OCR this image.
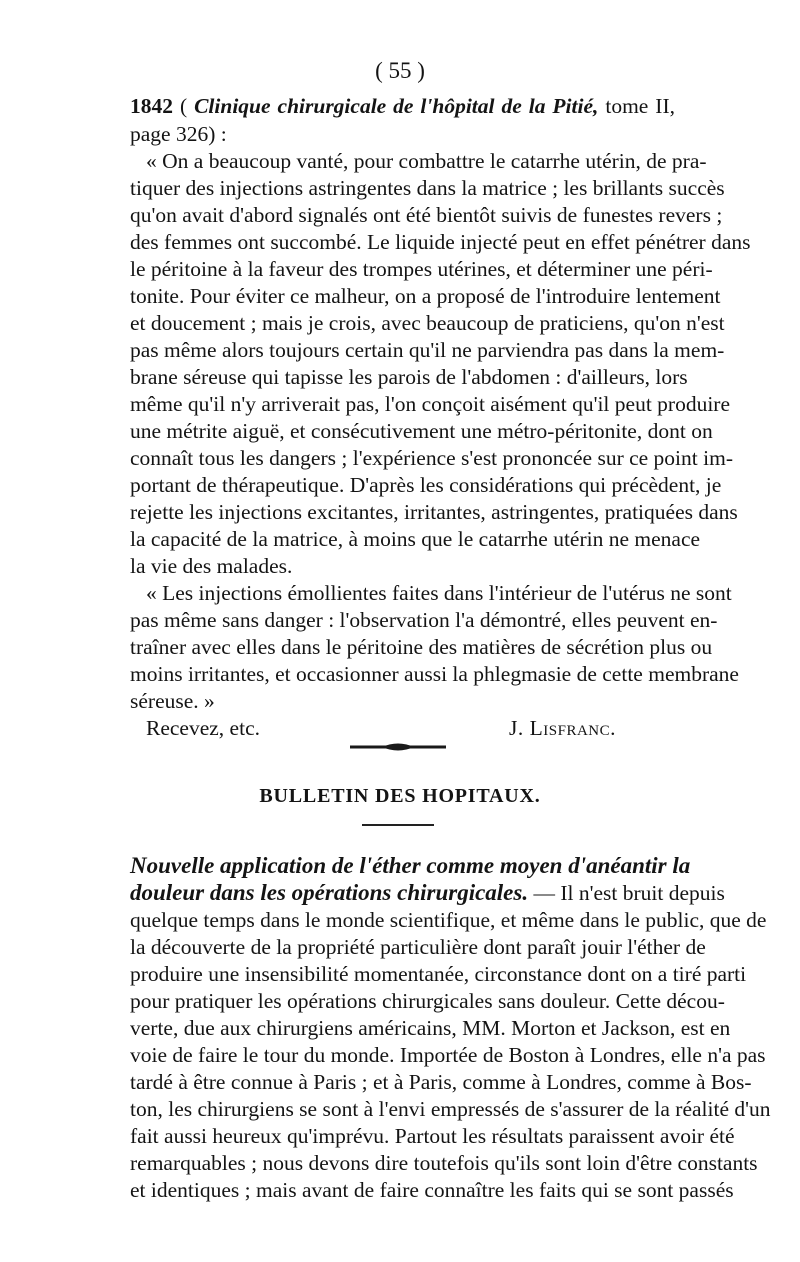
( 55 )
1842 ( Clinique chirurgicale de l'hôpital de la Pitié, tome II,
page 326) :
« On a beaucoup vanté, pour combattre le catarrhe utérin, de pra-
tiquer des injections astringentes dans la matrice ; les brillants succès
qu'on avait d'abord signalés ont été bientôt suivis de funestes revers ;
des femmes ont succombé. Le liquide injecté peut en effet pénétrer dans
le péritoine à la faveur des trompes utérines, et déterminer une péri-
tonite. Pour éviter ce malheur, on a proposé de l'introduire lentement
et doucement ; mais je crois, avec beaucoup de praticiens, qu'on n'est
pas même alors toujours certain qu'il ne parviendra pas dans la mem-
brane séreuse qui tapisse les parois de l'abdomen : d'ailleurs, lors
même qu'il n'y arriverait pas, l'on conçoit aisément qu'il peut produire
une métrite aiguë, et consécutivement une métro-péritonite, dont on
connaît tous les dangers ; l'expérience s'est prononcée sur ce point im-
portant de thérapeutique. D'après les considérations qui précèdent, je
rejette les injections excitantes, irritantes, astringentes, pratiquées dans
la capacité de la matrice, à moins que le catarrhe utérin ne menace
la vie des malades.
« Les injections émollientes faites dans l'intérieur de l'utérus ne sont
pas même sans danger : l'observation l'a démontré, elles peuvent en-
traîner avec elles dans le péritoine des matières de sécrétion plus ou
moins irritantes, et occasionner aussi la phlegmasie de cette membrane
séreuse. »
BULLETIN DES HOPITAUX.
Nouvelle application de l'éther comme moyen d'anéantir la
douleur dans les opérations chirurgicales. — Il n'est bruit depuis
quelque temps dans le monde scientifique, et même dans le public, que de
la découverte de la propriété particulière dont paraît jouir l'éther de
produire une insensibilité momentanée, circonstance dont on a tiré parti
pour pratiquer les opérations chirurgicales sans douleur. Cette décou-
verte, due aux chirurgiens américains, MM. Morton et Jackson, est en
voie de faire le tour du monde. Importée de Boston à Londres, elle n'a pas
tardé à être connue à Paris ; et à Paris, comme à Londres, comme à Bos-
ton, les chirurgiens se sont à l'envi empressés de s'assurer de la réalité d'un
fait aussi heureux qu'imprévu. Partout les résultats paraissent avoir été
remarquables ; nous devons dire toutefois qu'ils sont loin d'être constants
et identiques ; mais avant de faire connaître les faits qui se sont passés
Recevez, etc.	J. Lisfranc.
